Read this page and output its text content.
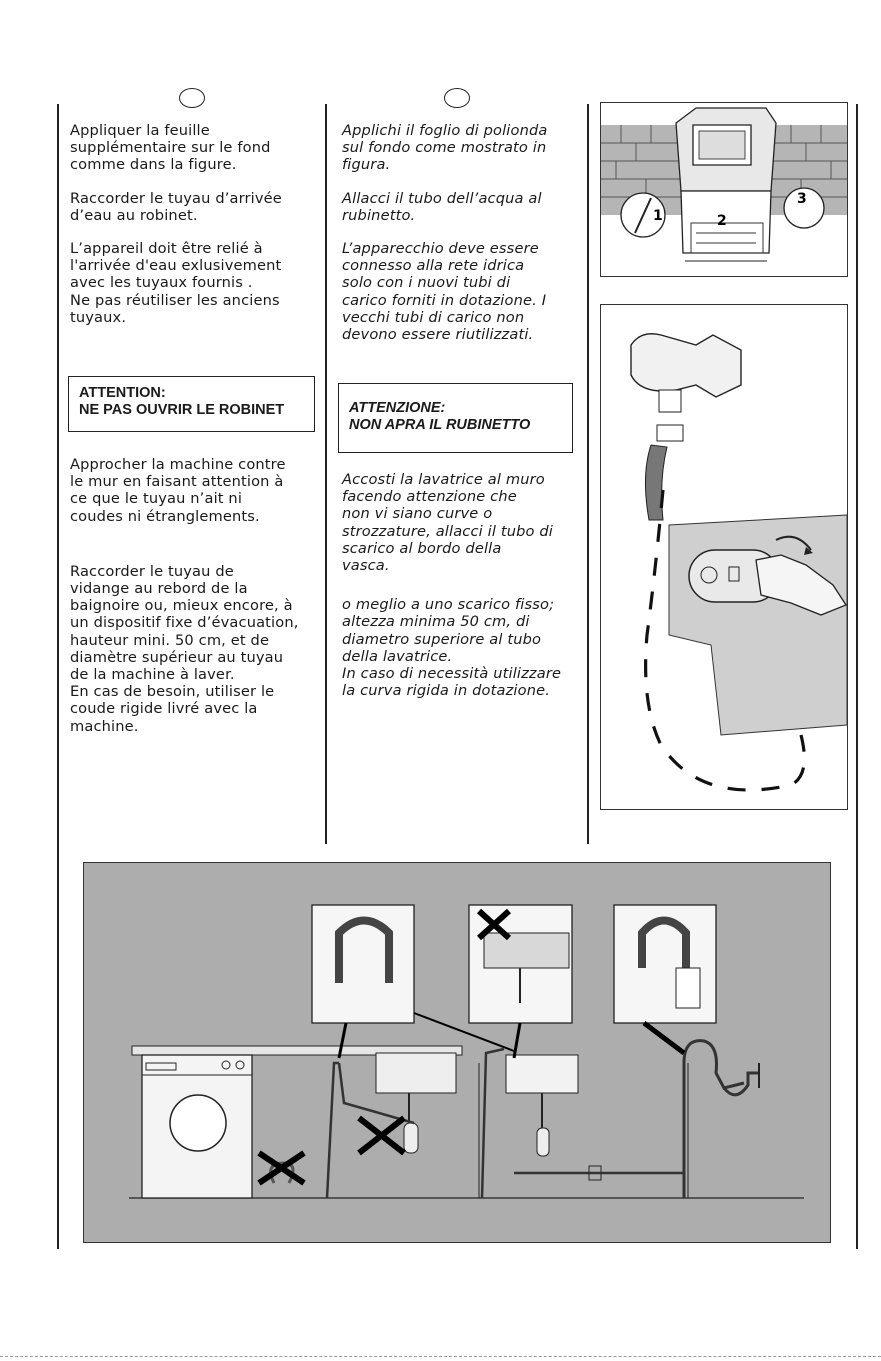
Appliquer la feuille
supplémentaire sur le fond
comme dans la figure.

Raccorder le tuyau d’arrivée
d’eau au robinet.

L’appareil doit être relié à
l'arrivée d'eau exlusivement
avec les tuyaux fournis .
Ne pas réutiliser les anciens
tuyaux.

ATTENTION:
NE PAS OUVRIR LE ROBINET

Approcher la machine contre
le mur en faisant attention à
ce que le tuyau n’ait ni
coudes ni étranglements.

Raccorder le tuyau de
vidange au rebord de la
baignoire ou, mieux encore, à
un dispositif fixe d’évacuation,
hauteur mini. 50 cm, et de
diamètre supérieur au tuyau
de la machine à laver.
En cas de besoin, utiliser le
coude rigide livré avec la
machine.

Applichi il foglio di polionda
sul fondo come mostrato in
figura.

Allacci il tubo dell’acqua al
rubinetto.

L’apparecchio deve essere
connesso alla rete idrica
solo con i nuovi tubi di
carico forniti in dotazione. I
vecchi tubi di carico non
devono essere riutilizzati.

ATTENZIONE:
NON APRA IL RUBINETTO

Accosti la lavatrice al muro
facendo attenzione che
non vi siano curve o
strozzature, allacci il tubo di
scarico al bordo della
vasca.

o meglio a uno scarico fisso;
altezza minima 50 cm, di
diametro superiore al tubo
della lavatrice.
In caso di necessità utilizzare
la curva rigida in dotazione.

1	2
3
